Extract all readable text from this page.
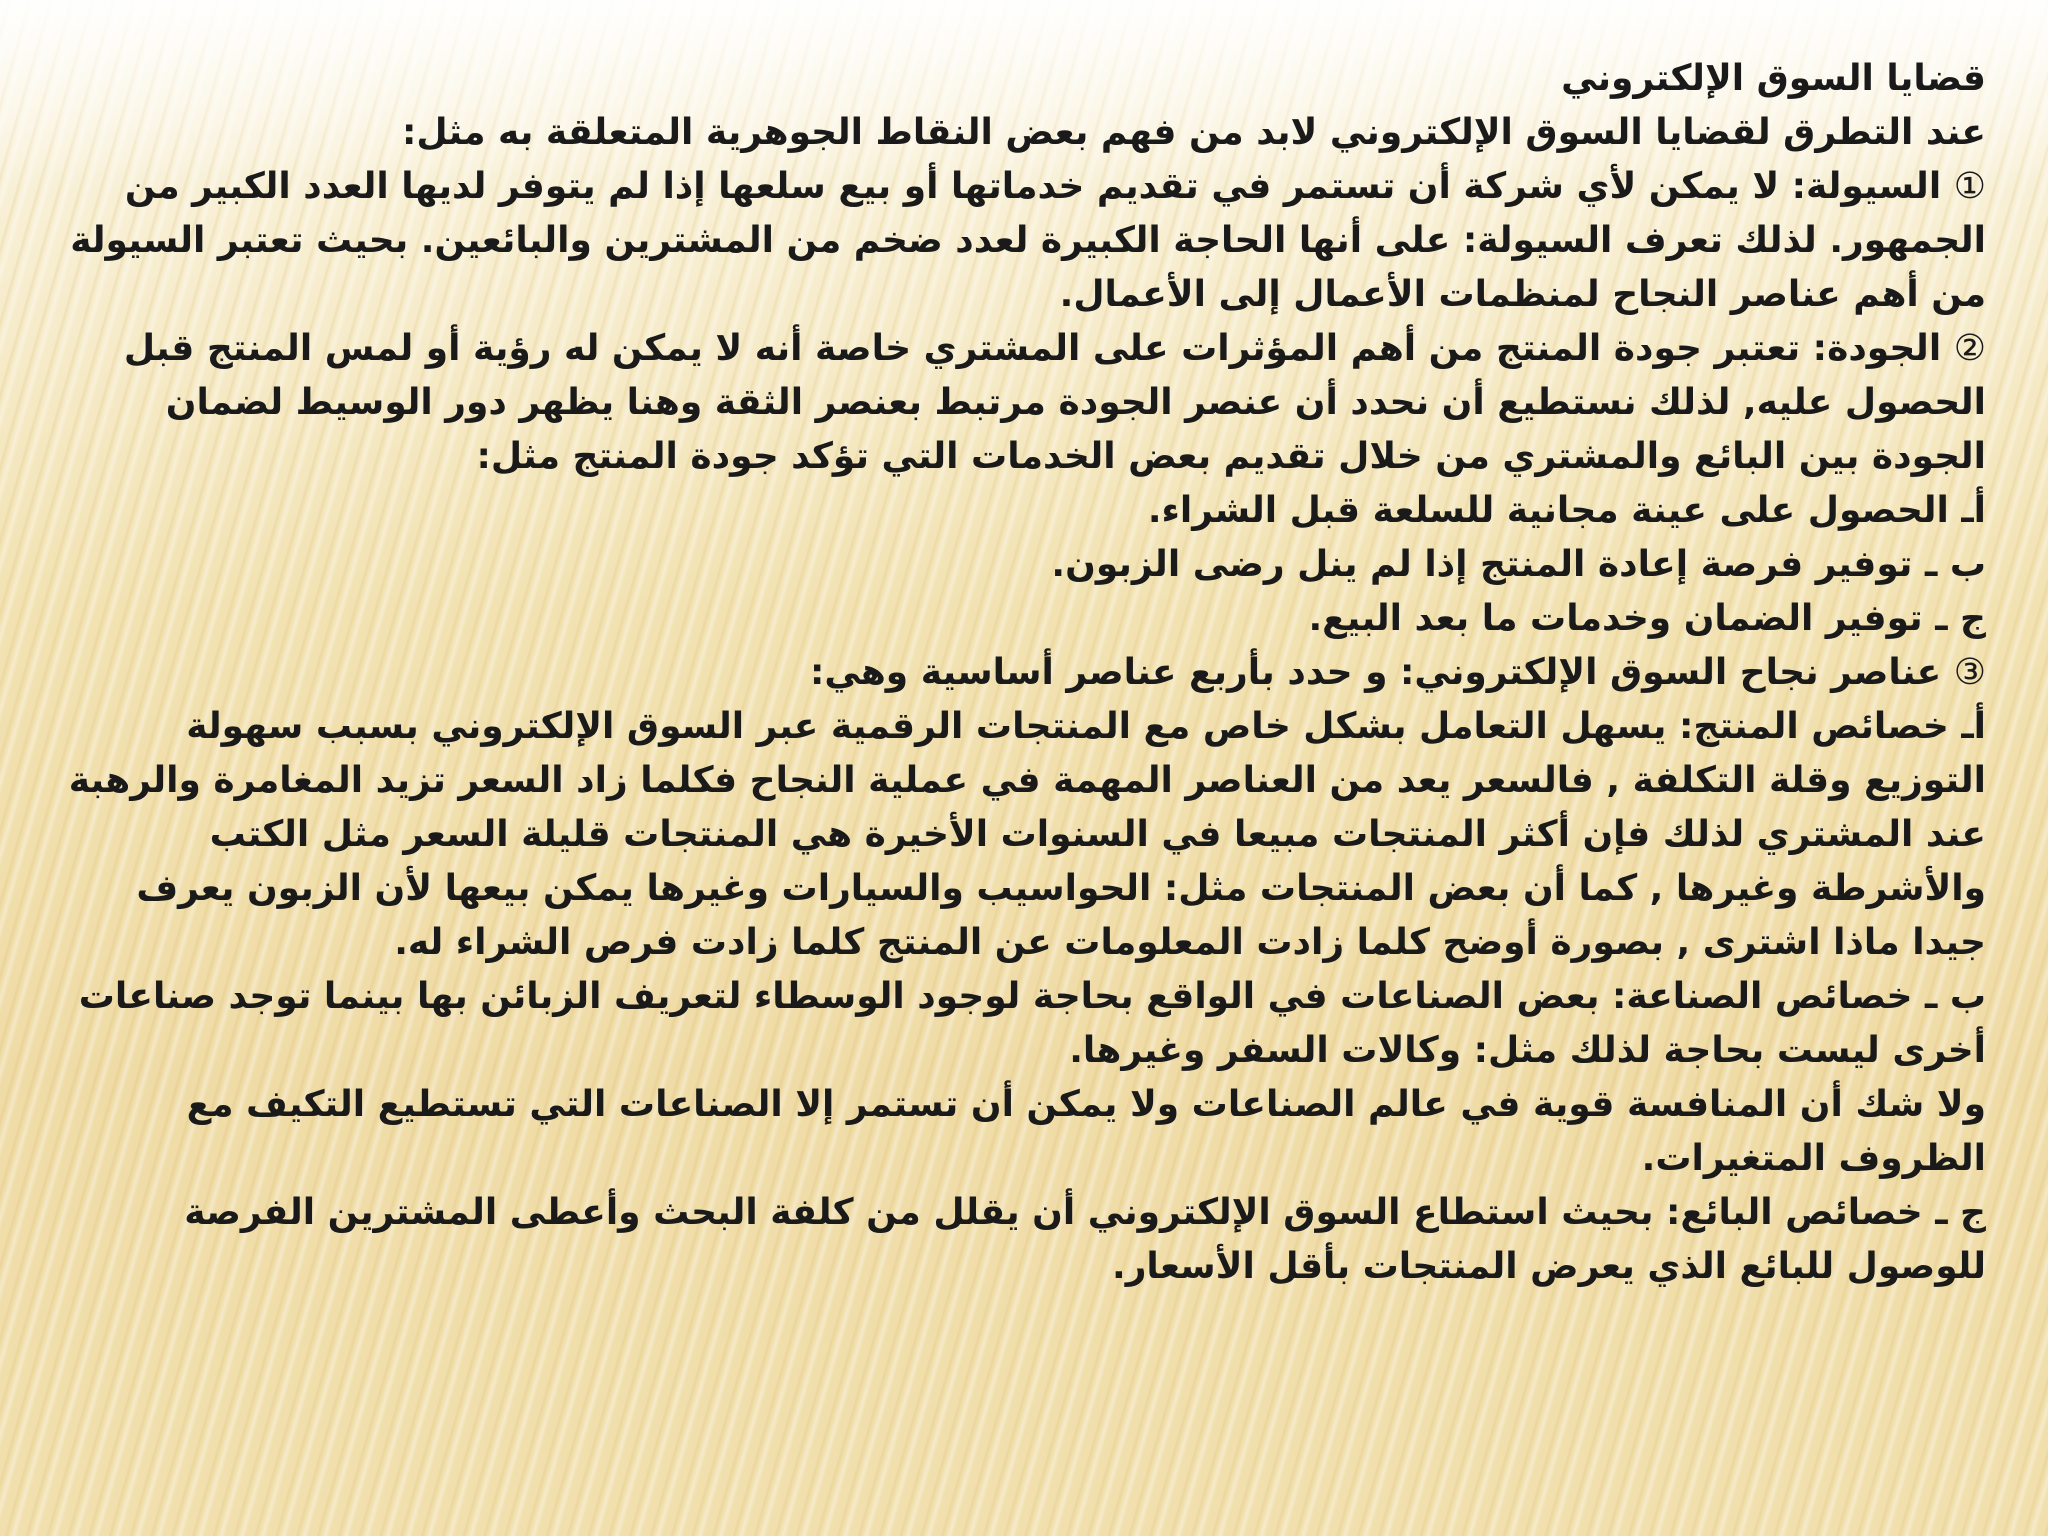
قضايا السوق الإلكتروني

عند التطرق لقضايا السوق الإلكتروني لابد من فهم بعض النقاط الجوهرية المتعلقة به مثل:

① السيولة: لا يمكن لأي شركة أن تستمر في تقديم خدماتها أو بيع سلعها إذا لم يتوفر لديها العدد الكبير من الجمهور. لذلك تعرف السيولة: على أنها الحاجة الكبيرة لعدد ضخم من المشترين والبائعين. بحيث تعتبر السيولة من أهم عناصر النجاح لمنظمات الأعمال إلى الأعمال.

② الجودة: تعتبر جودة المنتج من أهم المؤثرات على المشتري خاصة أنه لا يمكن له رؤية أو لمس المنتج قبل الحصول عليه, لذلك نستطيع أن نحدد أن عنصر الجودة مرتبط بعنصر الثقة وهنا يظهر دور الوسيط لضمان الجودة بين البائع والمشتري من خلال تقديم بعض الخدمات التي تؤكد جودة المنتج مثل:

أـ الحصول على عينة مجانية للسلعة قبل الشراء.

ب ـ توفير فرصة إعادة المنتج إذا لم ينل رضى الزبون.

ج ـ توفير الضمان وخدمات ما بعد البيع.

③ عناصر نجاح السوق الإلكتروني: و حدد بأربع عناصر أساسية وهي:

أـ خصائص المنتج: يسهل التعامل بشكل خاص مع المنتجات الرقمية عبر السوق الإلكتروني بسبب سهولة التوزيع وقلة التكلفة , فالسعر يعد من العناصر المهمة في عملية النجاح فكلما زاد السعر تزيد المغامرة والرهبة عند المشتري لذلك فإن أكثر المنتجات مبيعا في السنوات الأخيرة هي المنتجات قليلة السعر مثل الكتب والأشرطة وغيرها , كما أن بعض المنتجات مثل: الحواسيب والسيارات وغيرها يمكن بيعها لأن الزبون يعرف جيدا ماذا اشترى , بصورة أوضح كلما زادت المعلومات عن المنتج كلما زادت فرص الشراء له.

ب ـ خصائص الصناعة: بعض الصناعات في الواقع بحاجة لوجود الوسطاء لتعريف الزبائن بها بينما توجد صناعات أخرى ليست بحاجة لذلك مثل: وكالات السفر وغيرها.

ولا شك أن المنافسة قوية في عالم الصناعات ولا يمكن أن تستمر إلا الصناعات التي تستطيع التكيف مع الظروف المتغيرات.

ج ـ خصائص البائع: بحيث استطاع السوق الإلكتروني أن يقلل من كلفة البحث وأعطى المشترين الفرصة للوصول للبائع الذي يعرض المنتجات بأقل الأسعار.
